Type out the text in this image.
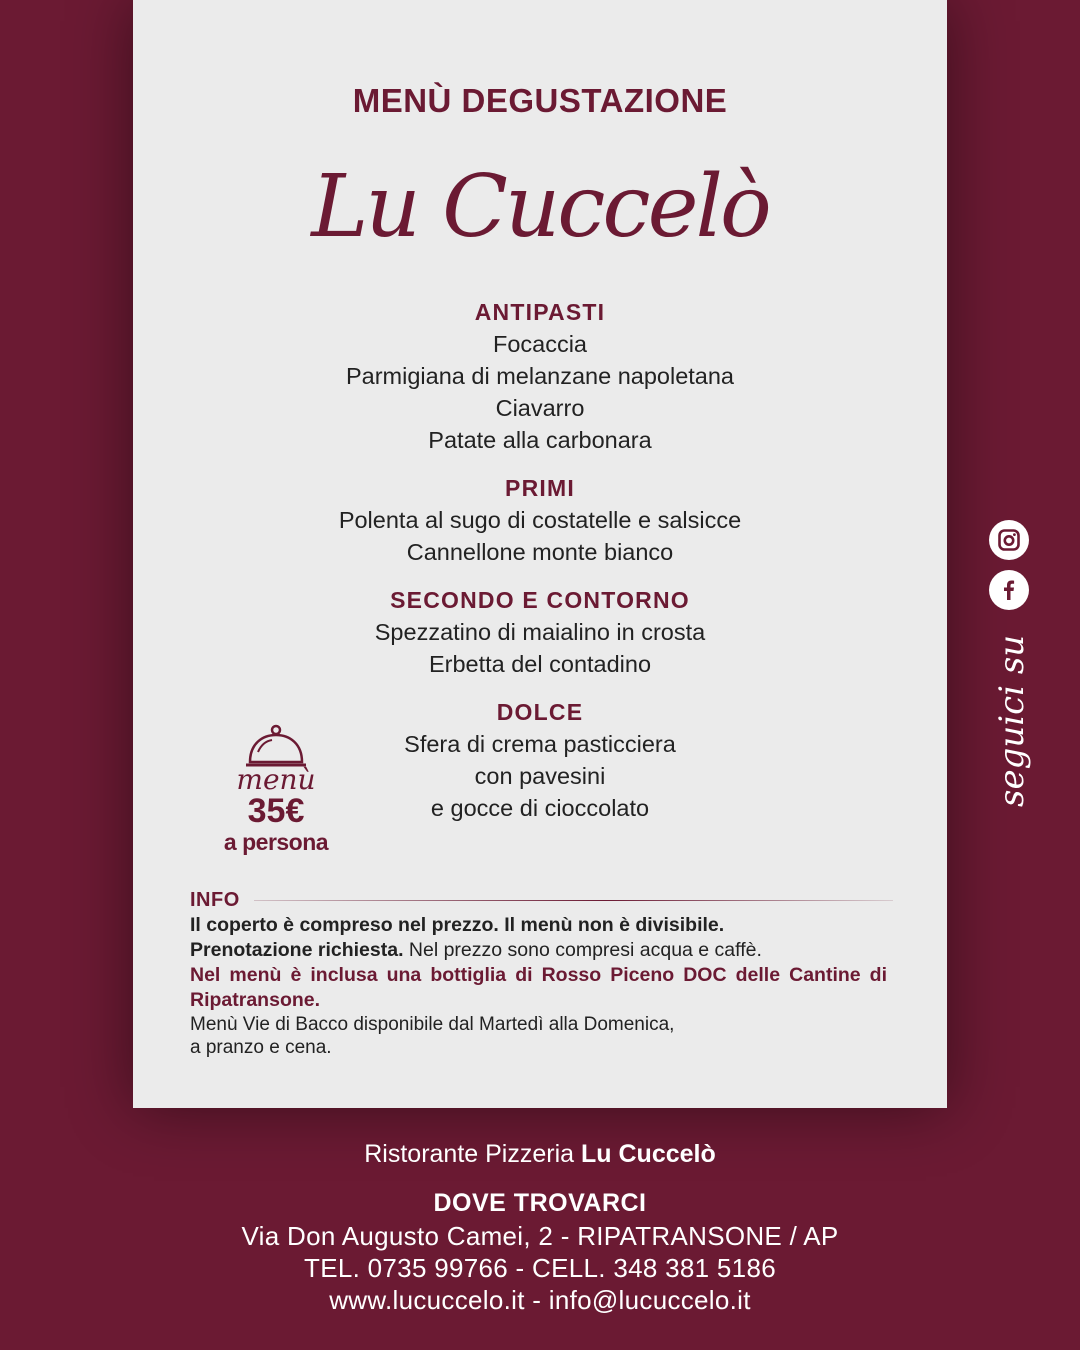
MENÙ DEGUSTAZIONE
Lu Cuccelò
ANTIPASTI
Focaccia
Parmigiana di melanzane napoletana
Ciavarro
Patate alla carbonara
PRIMI
Polenta al sugo di costatelle e salsicce
Cannellone monte bianco
SECONDO E CONTORNO
Spezzatino di maialino in crosta
Erbetta del contadino
DOLCE
Sfera di crema pasticciera
con pavesini
e gocce di cioccolato
menù
35€
a persona
INFO
Il coperto è compreso nel prezzo. Il menù non è divisibile.
Prenotazione richiesta. Nel prezzo sono compresi acqua e caffè.
Nel menù è inclusa una bottiglia di Rosso Piceno DOC delle Cantine di Ripatransone.
Menù Vie di Bacco disponibile dal Martedì alla Domenica,
a pranzo e cena.
seguici su
Ristorante Pizzeria Lu Cuccelò
DOVE TROVARCI
Via Don Augusto Camei, 2 - RIPATRANSONE / AP
TEL. 0735 99766 - CELL. 348 381 5186
www.lucuccelo.it - info@lucuccelo.it
